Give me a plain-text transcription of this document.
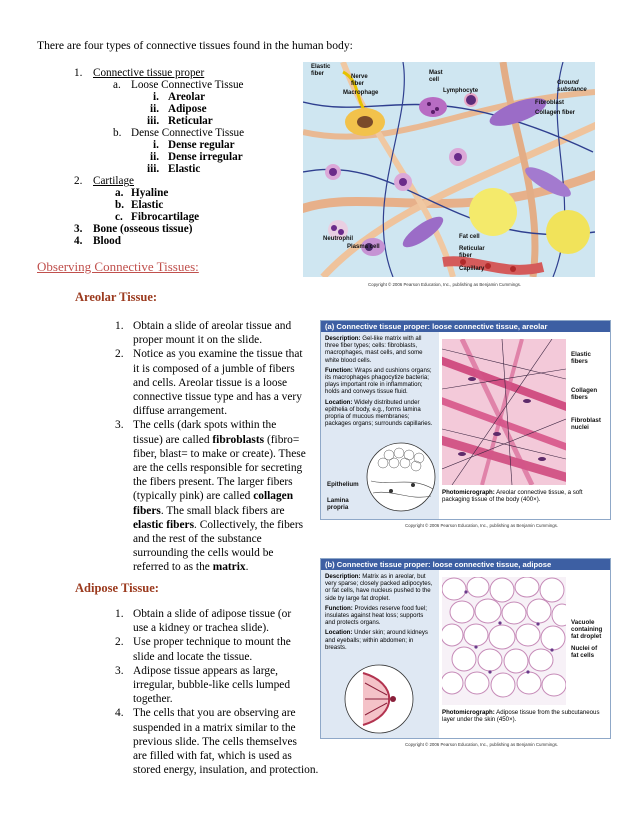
There are four types of connective tissues found in the human body:
1. Connective tissue proper
a. Loose Connective Tissue
i. Areolar
ii. Adipose
iii. Reticular
b. Dense Connective Tissue
i. Dense regular
ii. Dense irregular
iii. Elastic
2. Cartilage
a. Hyaline
b. Elastic
c. Fibrocartilage
3. Bone (osseous tissue)
4. Blood
Observing Connective Tissues:
Elastic
fiber
Nerve
fiber
Mast
cell
Macrophage	Lymphocyte
Ground
substance
Fibroblast
Collagen fiber
Neutrophil
Plasma cell
Fat cell
Reticular
fiber
Capillary
Copyright © 2006 Pearson Education, Inc., publishing as Benjamin Cummings.
Areolar Tissue:
1. Obtain a slide of areolar tissue and
proper mount it on the slide.
2. Notice as you examine the tissue that
it is composed of a jumble of fibers
and cells. Areolar tissue is a loose
connective tissue type and has a very
diffuse arrangement.
3. The cells (dark spots within the
tissue) are called fibroblasts (fibro=
fiber, blast= to make or create). These
are the cells responsible for secreting
the fibers present. The larger fibers
(typically pink) are called collagen
fibers. The small black fibers are
elastic fibers. Collectively, the fibers
and the rest of the substance
surrounding the cells would be
referred to as the matrix.
(a) Connective tissue proper: loose connective tissue, areolar

Description: Gel-like matrix with all three fiber types; cells: fibroblasts, macrophages, mast cells, and some white blood cells.

Function: Wraps and cushions organs; its macrophages phagocytize bacteria; plays important role in inflammation; holds and conveys tissue fluid.

Location: Widely distributed under epithelia of body, e.g., forms lamina propria of mucous membranes; packages organs; surrounds capillaries.

Epithelium
Lamina
propria
Elastic
fibers
Collagen
fibers
Fibroblast
nuclei
Photomicrograph: Areolar connective tissue, a soft packaging tissue of the body (400×).
Copyright © 2006 Pearson Education, Inc., publishing as Benjamin Cummings.
Adipose Tissue:
1. Obtain a slide of adipose tissue (or
use a kidney or trachea slide).
2. Use proper technique to mount the
slide and locate the tissue.
3. Adipose tissue appears as large,
irregular, bubble-like cells lumped
together.
4. The cells that you are observing are
suspended in a matrix similar to the
previous slide. The cells themselves
are filled with fat, which is used as
stored energy, insulation, and protection.
(b) Connective tissue proper: loose connective tissue, adipose

Description: Matrix as in areolar, but very sparse; closely packed adipocytes, or fat cells, have nucleus pushed to the side by large fat droplet.

Function: Provides reserve food fuel; insulates against heat loss; supports and protects organs.

Location: Under skin; around kidneys and eyeballs; within abdomen; in breasts.

Vacuole
containing
fat droplet
Nuclei of
fat cells
Photomicrograph: Adipose tissue from the subcutaneous layer under the skin (450×).
Copyright © 2006 Pearson Education, Inc., publishing as Benjamin Cummings.
